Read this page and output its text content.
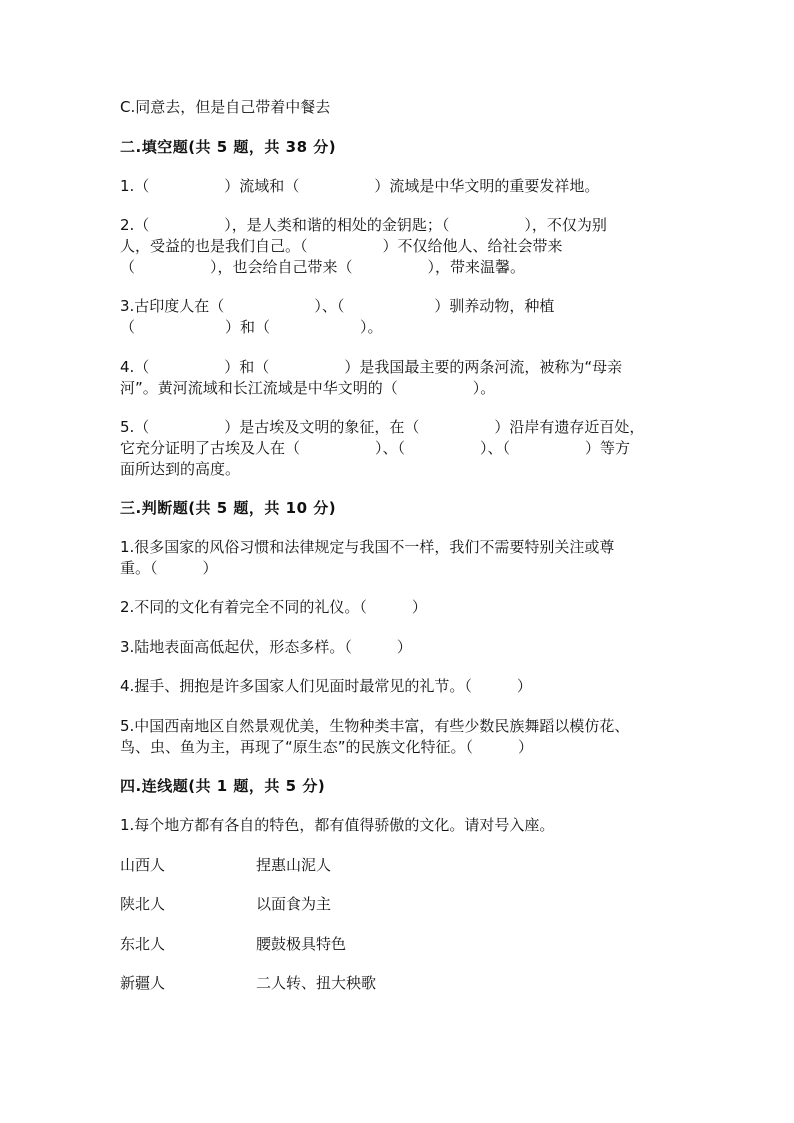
C.同意去，但是自己带着中餐去
二.填空题(共 5 题，共 38 分)
1.（　　　　　）流域和（　　　　　）流域是中华文明的重要发祥地。
2.（　　　　　），是人类和谐的相处的金钥匙；（　　　　　），不仅为别
人，受益的也是我们自己。（　　　　　）不仅给他人、给社会带来
（　　　　　），也会给自己带来（　　　　　），带来温馨。
3.古印度人在（　　　　　　）、（　　　　　　）驯养动物，种植
（　　　　　　）和（　　　　　　）。
4.（　　　　　）和（　　　　　）是我国最主要的两条河流，被称为“母亲
河”。黄河流域和长江流域是中华文明的（　　　　　）。
5.（　　　　　）是古埃及文明的象征，在（　　　　　）沿岸有遗存近百处，
它充分证明了古埃及人在（　　　　　）、（　　　　　）、（　　　　　）等方
面所达到的高度。
三.判断题(共 5 题，共 10 分)
1.很多国家的风俗习惯和法律规定与我国不一样，我们不需要特别关注或尊
重。（　　　）
2.不同的文化有着完全不同的礼仪。（　　　）
3.陆地表面高低起伏，形态多样。（　　　）
4.握手、拥抱是许多国家人们见面时最常见的礼节。（　　　）
5.中国西南地区自然景观优美，生物种类丰富，有些少数民族舞蹈以模仿花、
鸟、虫、鱼为主，再现了“原生态”的民族文化特征。（　　　）
四.连线题(共 1 题，共 5 分)
1.每个地方都有各自的特色，都有值得骄傲的文化。请对号入座。
山西人	捏惠山泥人
陕北人	以面食为主
东北人	腰鼓极具特色
新疆人	二人转、扭大秧歌
